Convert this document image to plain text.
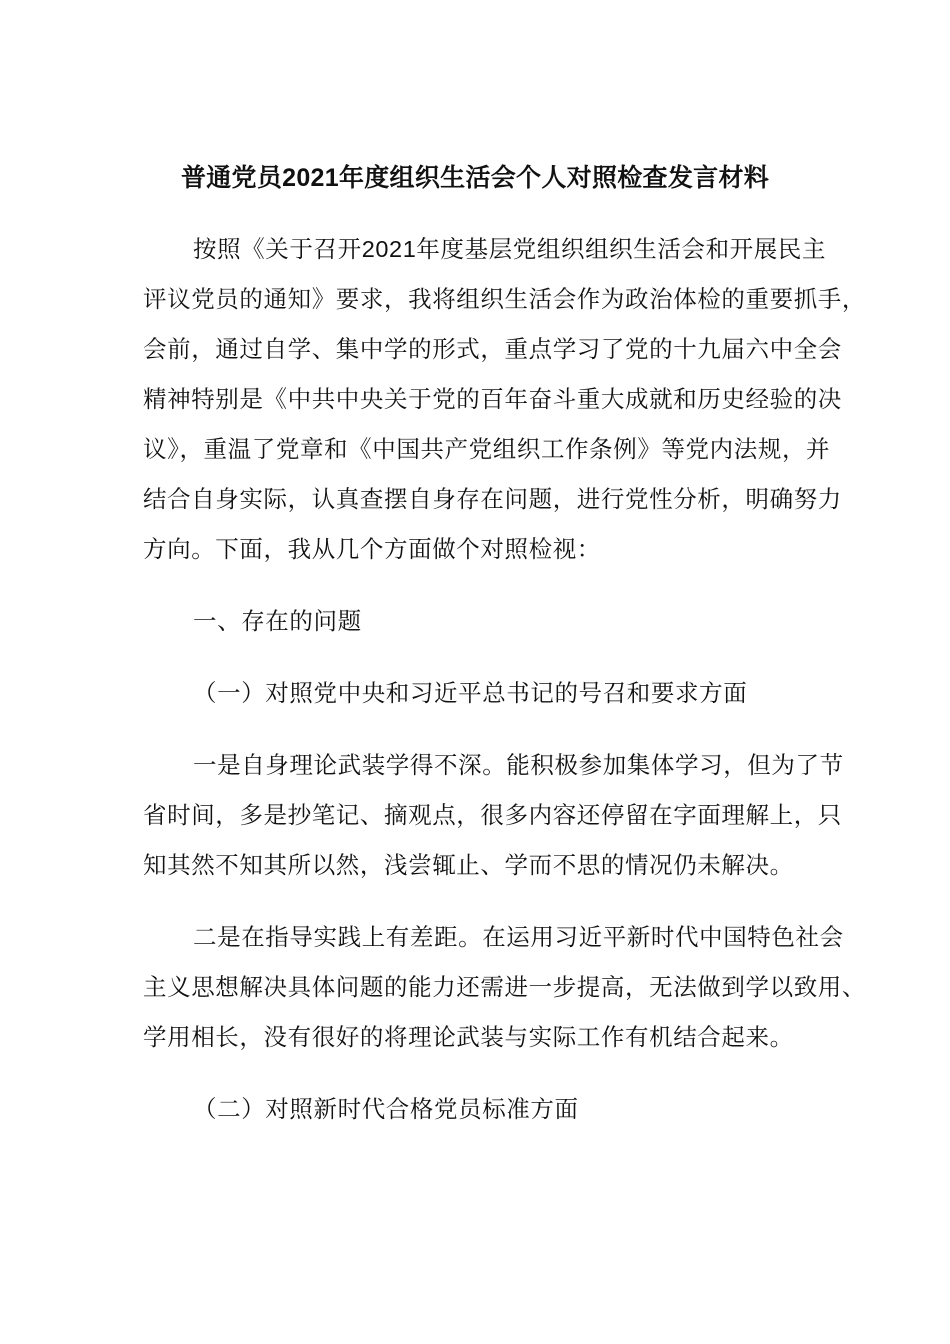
普通党员2021年度组织生活会个人对照检查发言材料
按照《关于召开2021年度基层党组织组织生活会和开展民主
评议党员的通知》要求，我将组织生活会作为政治体检的重要抓手，
会前，通过自学、集中学的形式，重点学习了党的十九届六中全会
精神特别是《中共中央关于党的百年奋斗重大成就和历史经验的决
议》，重温了党章和《中国共产党组织工作条例》等党内法规，并
结合自身实际，认真查摆自身存在问题，进行党性分析，明确努力
方向。下面，我从几个方面做个对照检视：
一、存在的问题
（一）对照党中央和习近平总书记的号召和要求方面
一是自身理论武装学得不深。能积极参加集体学习，但为了节
省时间，多是抄笔记、摘观点，很多内容还停留在字面理解上，只
知其然不知其所以然，浅尝辄止、学而不思的情况仍未解决。
二是在指导实践上有差距。在运用习近平新时代中国特色社会
主义思想解决具体问题的能力还需进一步提高，无法做到学以致用、
学用相长，没有很好的将理论武装与实际工作有机结合起来。
（二）对照新时代合格党员标准方面
